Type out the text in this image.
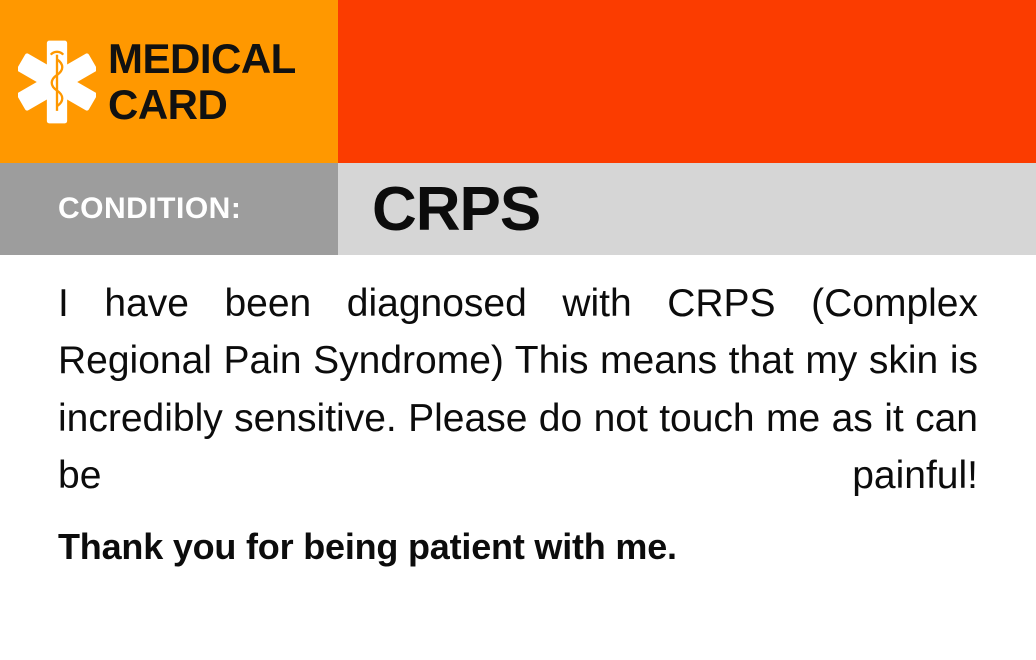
MEDICAL
CARD
CONDITION: CRPS

I have been diagnosed with CRPS (Complex Regional Pain Syndrome) This means that my skin is incredibly sensitive. Please do not touch me as it can be painful!

Thank you for being patient with me.
